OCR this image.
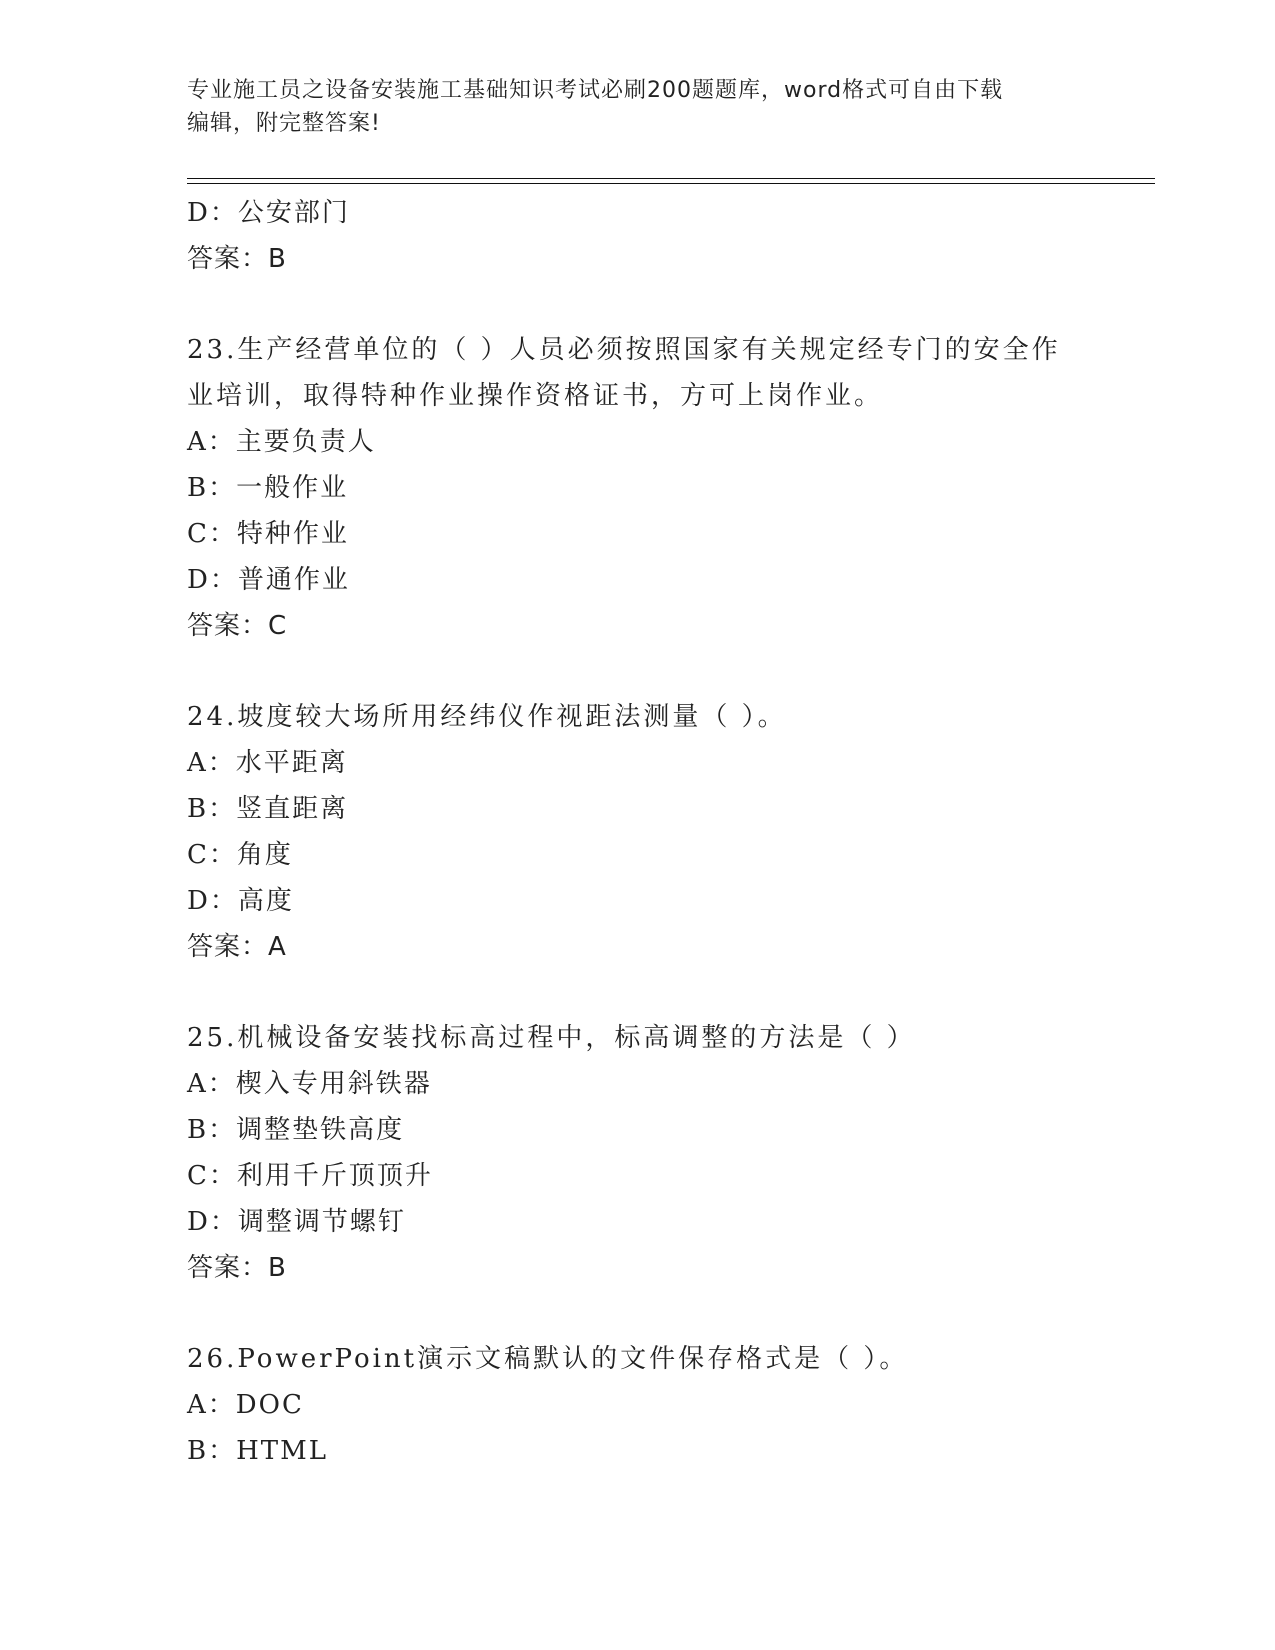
专业施工员之设备安装施工基础知识考试必刷200题题库，word格式可自由下载
编辑，附完整答案!
D：公安部门
答案：B
23.生产经营单位的（ ）人员必须按照国家有关规定经专门的安全作
业培训，取得特种作业操作资格证书，方可上岗作业。
A：主要负责人
B：一般作业
C：特种作业
D：普通作业
答案：C
24.坡度较大场所用经纬仪作视距法测量（ ）。
A：水平距离
B：竖直距离
C：角度
D：高度
答案：A
25.机械设备安装找标高过程中，标高调整的方法是（ ）
A：楔入专用斜铁器
B：调整垫铁高度
C：利用千斤顶顶升
D：调整调节螺钉
答案：B
26.PowerPoint演示文稿默认的文件保存格式是（ ）。
A：DOC
B：HTML
